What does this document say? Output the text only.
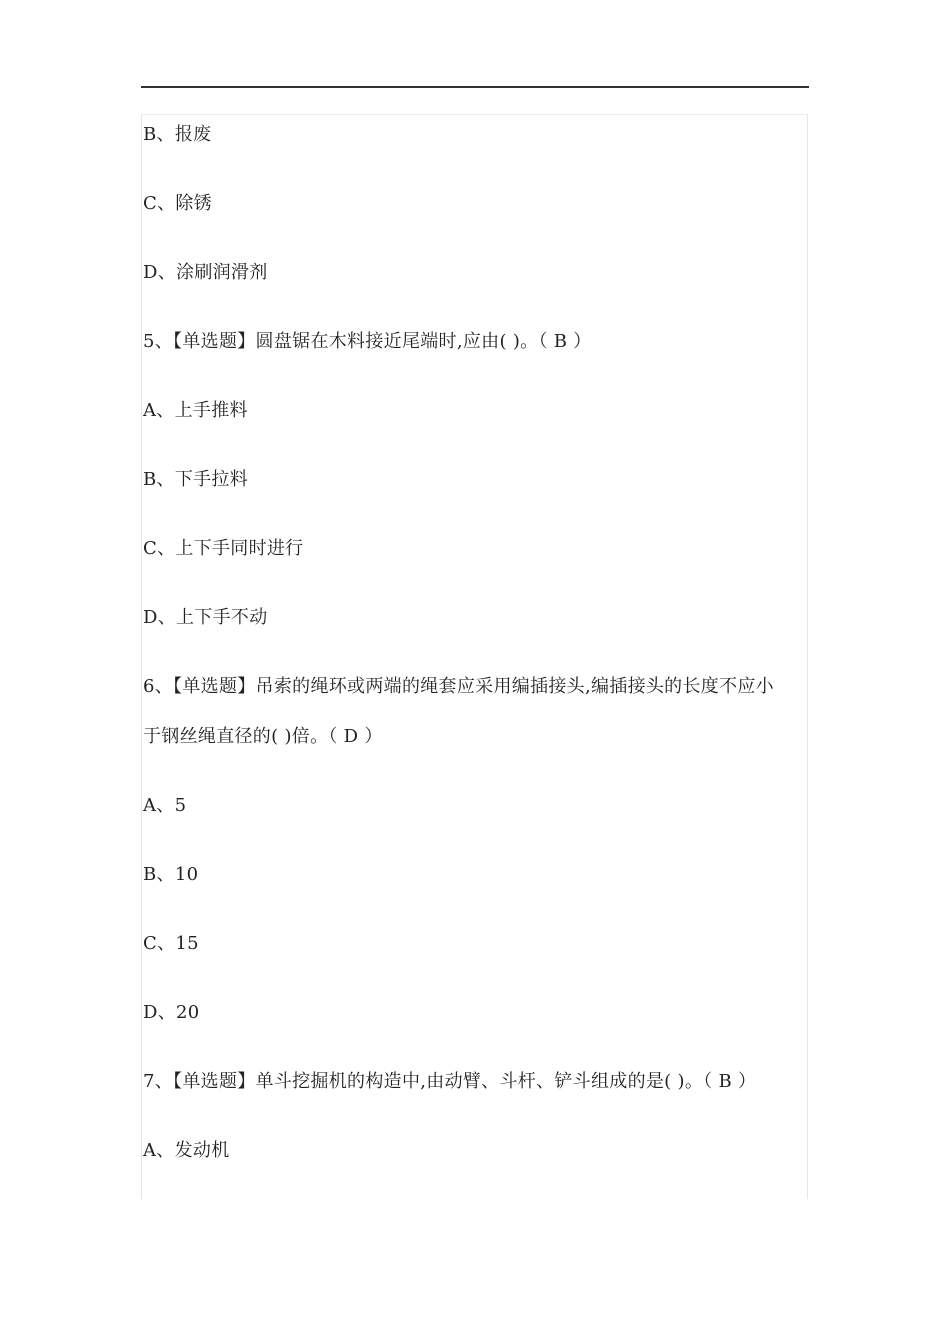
B、报废
C、除锈
D、涂刷润滑剂
5、【单选题】圆盘锯在木料接近尾端时,应由( )。（ B ）
A、上手推料
B、下手拉料
C、上下手同时进行
D、上下手不动
6、【单选题】吊索的绳环或两端的绳套应采用编插接头,编插接头的长度不应小
于钢丝绳直径的( )倍。（ D ）
A、5
B、10
C、15
D、20
7、【单选题】单斗挖掘机的构造中,由动臂、斗杆、铲斗组成的是( )。（ B ）
A、发动机
